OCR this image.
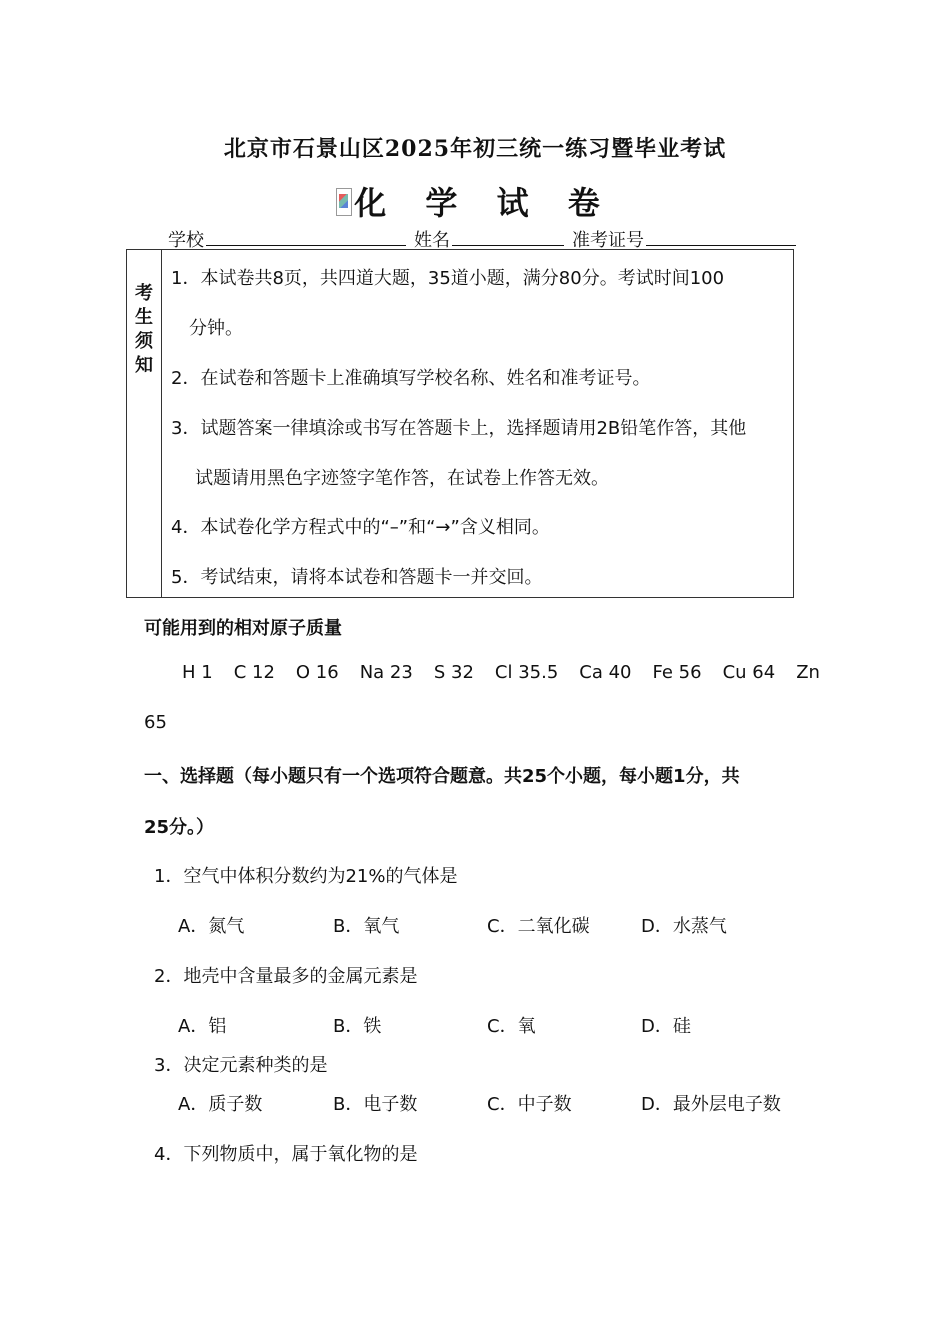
北京市石景山区2025年初三统一练习暨毕业考试
化 学 试 卷
学校	姓名	准考证号
考生须知
1．本试卷共8页，共四道大题，35道小题，满分80分。考试时间100
分钟。
2．在试卷和答题卡上准确填写学校名称、姓名和准考证号。
3．试题答案一律填涂或书写在答题卡上，选择题请用2B铅笔作答，其他
试题请用黑色字迹签字笔作答，在试卷上作答无效。
4．本试卷化学方程式中的“–”和“→”含义相同。
5．考试结束，请将本试卷和答题卡一并交回。
可能用到的相对原子质量
H 1 C 12 O 16 Na 23 S 32 Cl 35.5 Ca 40 Fe 56 Cu 64 Zn
65
一、选择题（每小题只有一个选项符合题意。共25个小题，每小题1分，共
25分。）
1．空气中体积分数约为21%的气体是
A．氮气	B．氧气	C．二氧化碳	D．水蒸气
2．地壳中含量最多的金属元素是
A．铝	B．铁	C．氧	D．硅
3．决定元素种类的是
A．质子数	B．电子数	C．中子数	D．最外层电子数
4．下列物质中，属于氧化物的是
